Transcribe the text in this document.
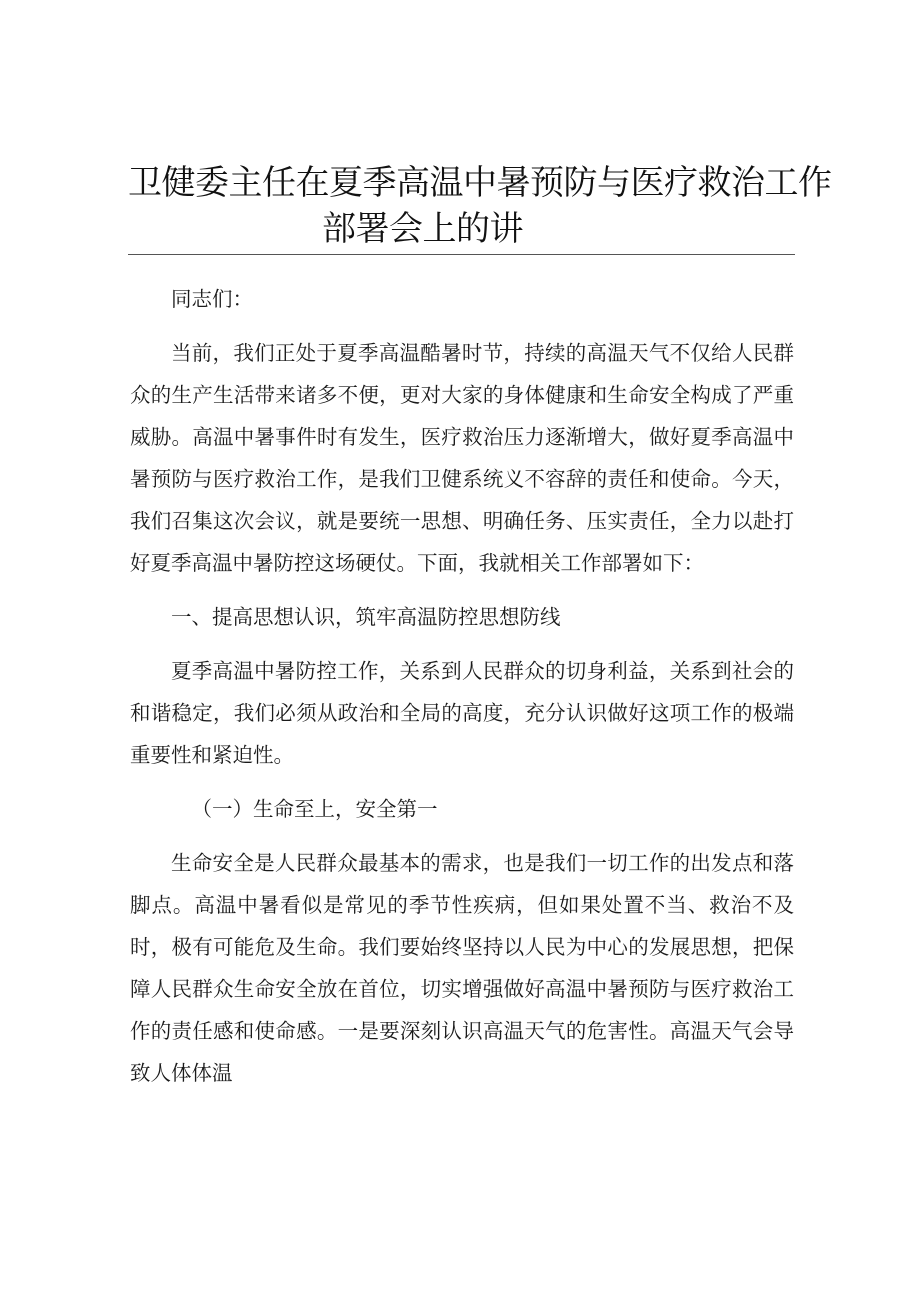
卫健委主任在夏季高温中暑预防与医疗救治工作
部署会上的讲

同志们：

当前，我们正处于夏季高温酷暑时节，持续的高温天气不仅给人民群众的生产生活带来诸多不便，更对大家的身体健康和生命安全构成了严重威胁。高温中暑事件时有发生，医疗救治压力逐渐增大，做好夏季高温中暑预防与医疗救治工作，是我们卫健系统义不容辞的责任和使命。今天，我们召集这次会议，就是要统一思想、明确任务、压实责任，全力以赴打好夏季高温中暑防控这场硬仗。下面，我就相关工作部署如下：

一、提高思想认识，筑牢高温防控思想防线

夏季高温中暑防控工作，关系到人民群众的切身利益，关系到社会的和谐稳定，我们必须从政治和全局的高度，充分认识做好这项工作的极端重要性和紧迫性。

（一）生命至上，安全第一

生命安全是人民群众最基本的需求，也是我们一切工作的出发点和落脚点。高温中暑看似是常见的季节性疾病，但如果处置不当、救治不及时，极有可能危及生命。我们要始终坚持以人民为中心的发展思想，把保障人民群众生命安全放在首位，切实增强做好高温中暑预防与医疗救治工作的责任感和使命感。一是要深刻认识高温天气的危害性。高温天气会导致人体体温
